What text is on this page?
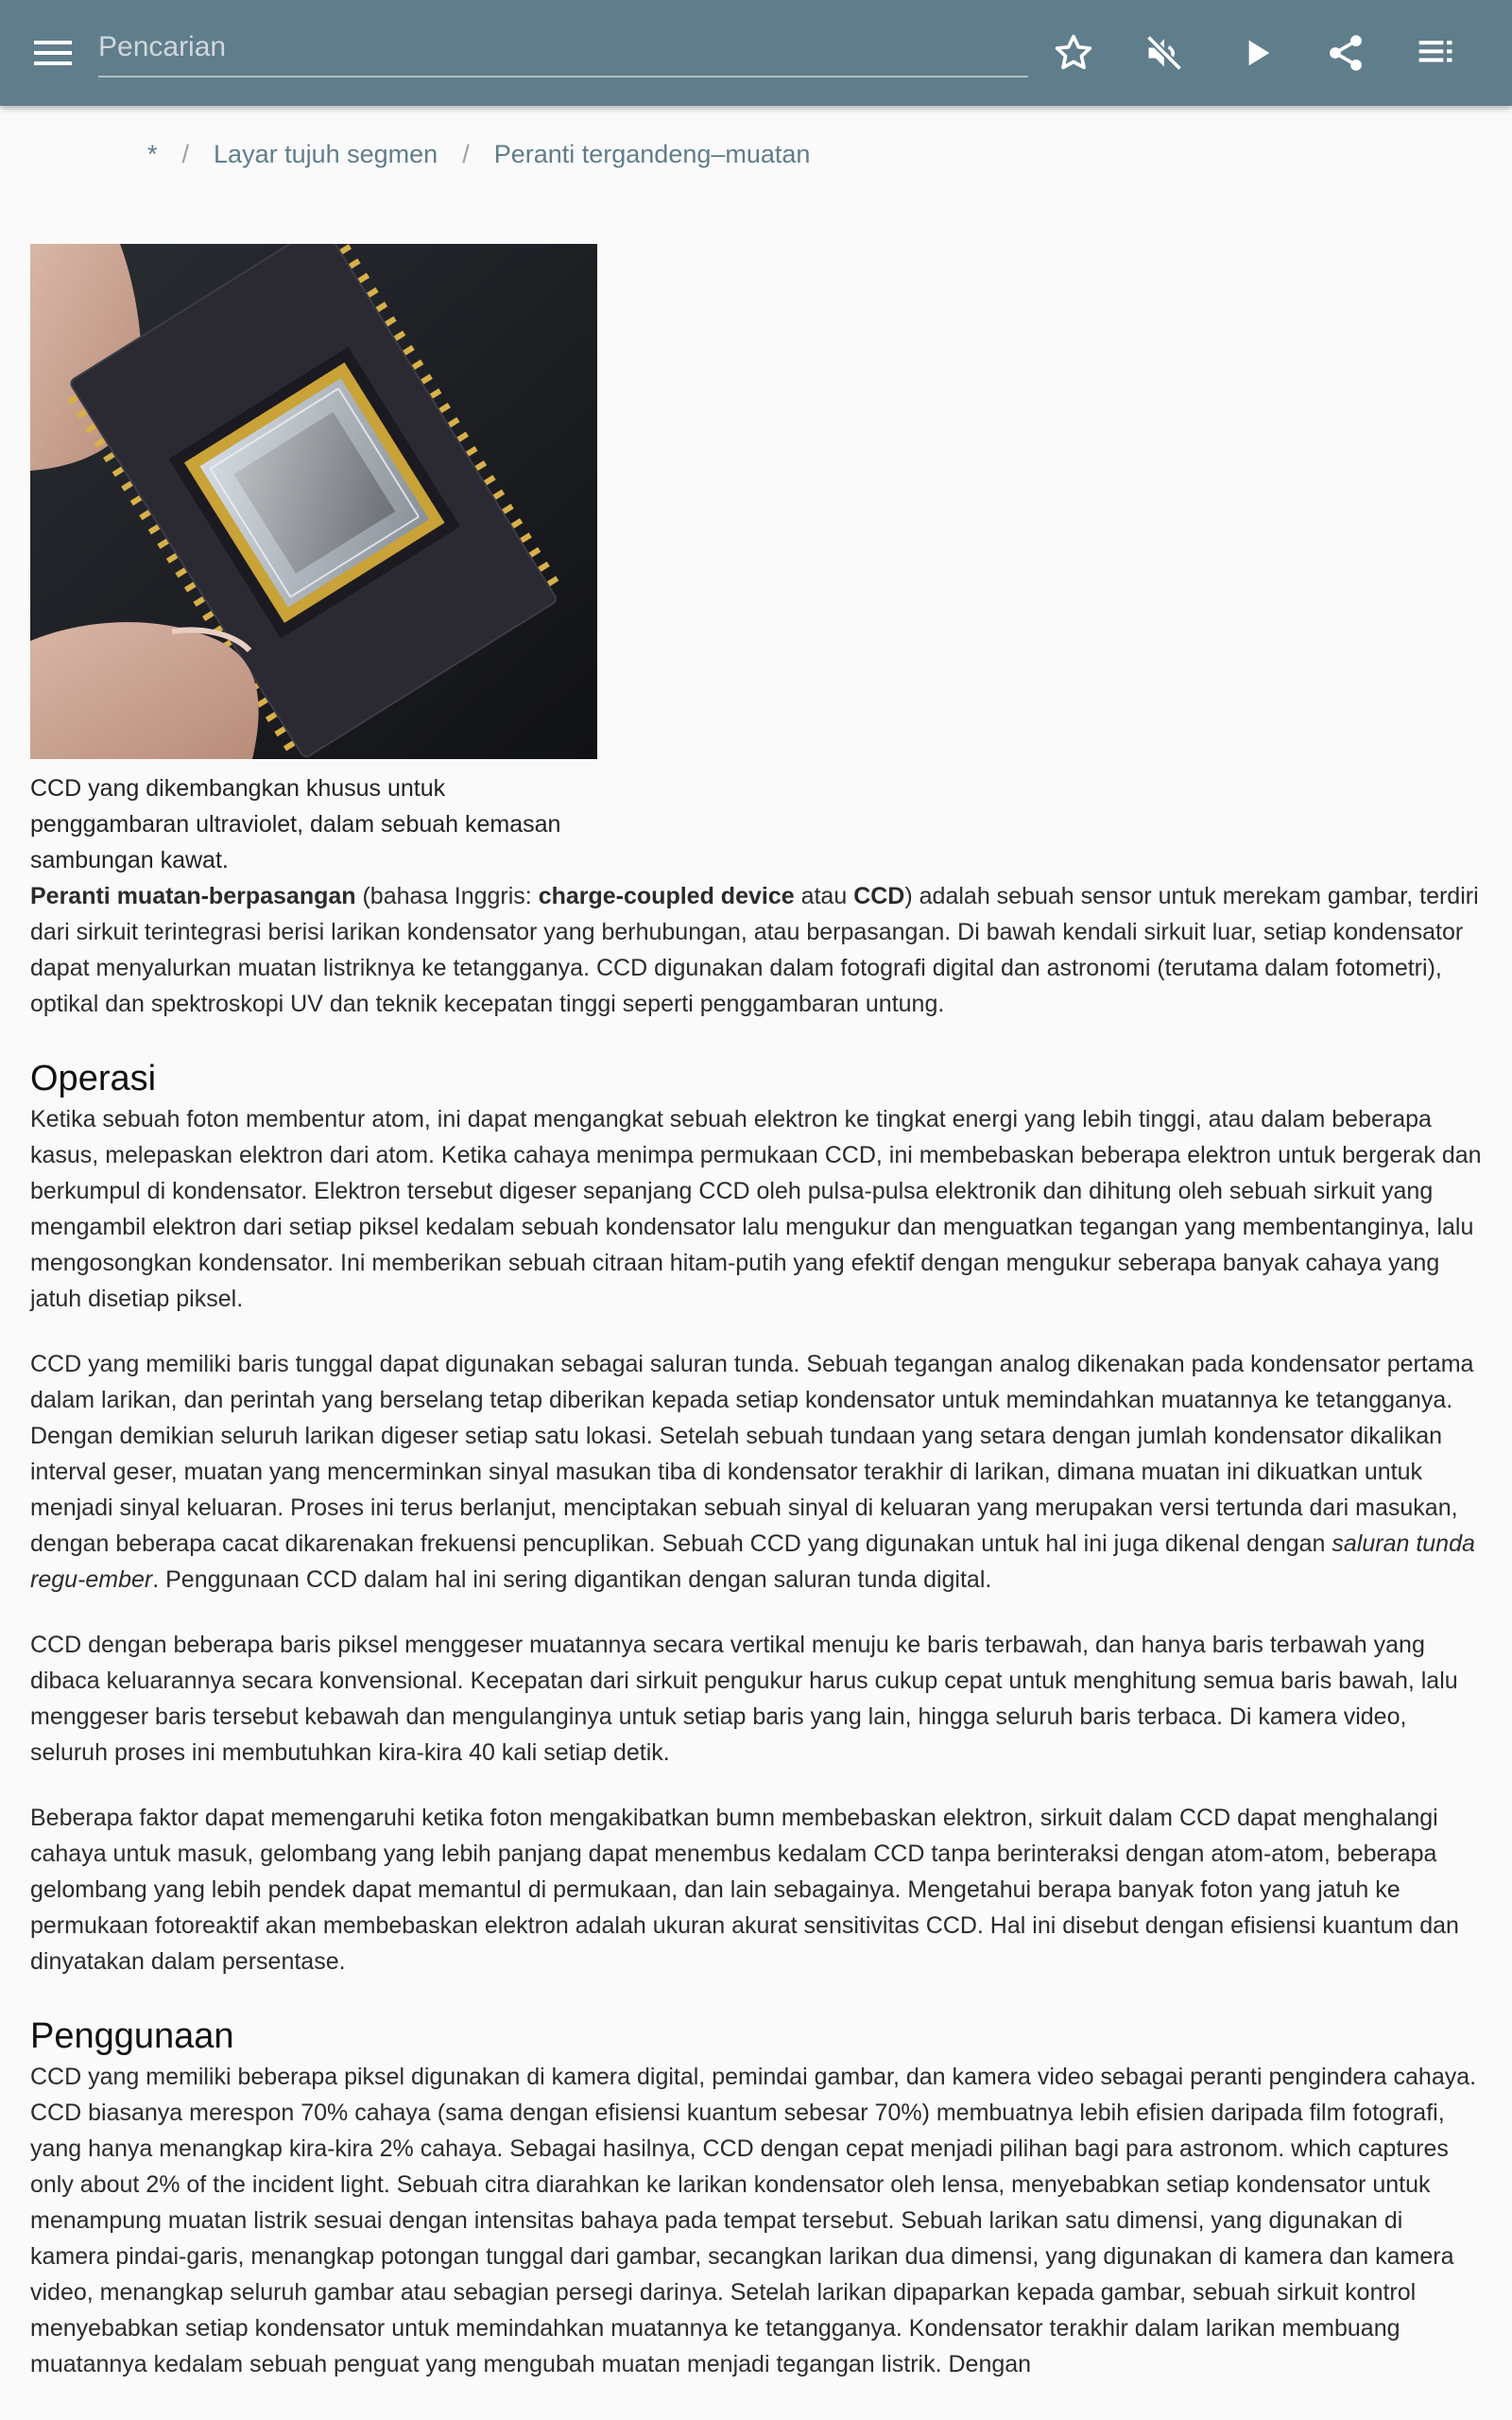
Pencarian
* / Layar tujuh segmen / Peranti tergandeng–muatan
CCD yang dikembangkan khusus untuk penggambaran ultraviolet, dalam sebuah kemasan sambungan kawat.

Peranti muatan-berpasangan (bahasa Inggris: charge-coupled device atau CCD) adalah sebuah sensor untuk merekam gambar, terdiri dari sirkuit terintegrasi berisi larikan kondensator yang berhubungan, atau berpasangan. Di bawah kendali sirkuit luar, setiap kondensator dapat menyalurkan muatan listriknya ke tetangganya. CCD digunakan dalam fotografi digital dan astronomi (terutama dalam fotometri), optikal dan spektroskopi UV dan teknik kecepatan tinggi seperti penggambaran untung.

Operasi

Ketika sebuah foton membentur atom, ini dapat mengangkat sebuah elektron ke tingkat energi yang lebih tinggi, atau dalam beberapa kasus, melepaskan elektron dari atom. Ketika cahaya menimpa permukaan CCD, ini membebaskan beberapa elektron untuk bergerak dan berkumpul di kondensator. Elektron tersebut digeser sepanjang CCD oleh pulsa-pulsa elektronik dan dihitung oleh sebuah sirkuit yang mengambil elektron dari setiap piksel kedalam sebuah kondensator lalu mengukur dan menguatkan tegangan yang membentanginya, lalu mengosongkan kondensator. Ini memberikan sebuah citraan hitam-putih yang efektif dengan mengukur seberapa banyak cahaya yang jatuh disetiap piksel.

CCD yang memiliki baris tunggal dapat digunakan sebagai saluran tunda. Sebuah tegangan analog dikenakan pada kondensator pertama dalam larikan, dan perintah yang berselang tetap diberikan kepada setiap kondensator untuk memindahkan muatannya ke tetangganya. Dengan demikian seluruh larikan digeser setiap satu lokasi. Setelah sebuah tundaan yang setara dengan jumlah kondensator dikalikan interval geser, muatan yang mencerminkan sinyal masukan tiba di kondensator terakhir di larikan, dimana muatan ini dikuatkan untuk menjadi sinyal keluaran. Proses ini terus berlanjut, menciptakan sebuah sinyal di keluaran yang merupakan versi tertunda dari masukan, dengan beberapa cacat dikarenakan frekuensi pencuplikan. Sebuah CCD yang digunakan untuk hal ini juga dikenal dengan saluran tunda regu-ember. Penggunaan CCD dalam hal ini sering digantikan dengan saluran tunda digital.

CCD dengan beberapa baris piksel menggeser muatannya secara vertikal menuju ke baris terbawah, dan hanya baris terbawah yang dibaca keluarannya secara konvensional. Kecepatan dari sirkuit pengukur harus cukup cepat untuk menghitung semua baris bawah, lalu menggeser baris tersebut kebawah dan mengulanginya untuk setiap baris yang lain, hingga seluruh baris terbaca. Di kamera video, seluruh proses ini membutuhkan kira-kira 40 kali setiap detik.

Beberapa faktor dapat memengaruhi ketika foton mengakibatkan bumn membebaskan elektron, sirkuit dalam CCD dapat menghalangi cahaya untuk masuk, gelombang yang lebih panjang dapat menembus kedalam CCD tanpa berinteraksi dengan atom-atom, beberapa gelombang yang lebih pendek dapat memantul di permukaan, dan lain sebagainya. Mengetahui berapa banyak foton yang jatuh ke permukaan fotoreaktif akan membebaskan elektron adalah ukuran akurat sensitivitas CCD. Hal ini disebut dengan efisiensi kuantum dan dinyatakan dalam persentase.

Penggunaan

CCD yang memiliki beberapa piksel digunakan di kamera digital, pemindai gambar, dan kamera video sebagai peranti pengindera cahaya. CCD biasanya merespon 70% cahaya (sama dengan efisiensi kuantum sebesar 70%) membuatnya lebih efisien daripada film fotografi, yang hanya menangkap kira-kira 2% cahaya. Sebagai hasilnya, CCD dengan cepat menjadi pilihan bagi para astronom. which captures only about 2% of the incident light. Sebuah citra diarahkan ke larikan kondensator oleh lensa, menyebabkan setiap kondensator untuk menampung muatan listrik sesuai dengan intensitas bahaya pada tempat tersebut. Sebuah larikan satu dimensi, yang digunakan di kamera pindai-garis, menangkap potongan tunggal dari gambar, secangkan larikan dua dimensi, yang digunakan di kamera dan kamera video, menangkap seluruh gambar atau sebagian persegi darinya. Setelah larikan dipaparkan kepada gambar, sebuah sirkuit kontrol menyebabkan setiap kondensator untuk memindahkan muatannya ke tetangganya. Kondensator terakhir dalam larikan membuang muatannya kedalam sebuah penguat yang mengubah muatan menjadi tegangan listrik. Dengan
